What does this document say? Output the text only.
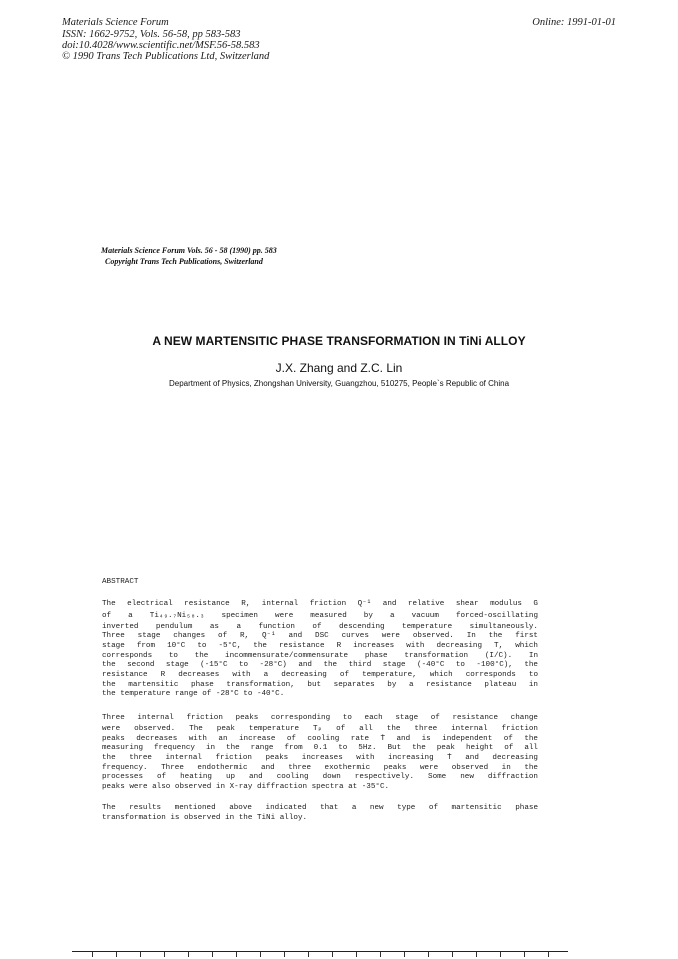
Materials Science Forum
ISSN: 1662-9752, Vols. 56-58, pp 583-583
doi:10.4028/www.scientific.net/MSF.56-58.583
© 1990 Trans Tech Publications Ltd, Switzerland
Online: 1991-01-01
Materials Science Forum Vols. 56 - 58 (1990) pp. 583
Copyright Trans Tech Publications, Switzerland
A NEW MARTENSITIC PHASE TRANSFORMATION IN TiNi ALLOY
J.X. Zhang and Z.C. Lin
Department of Physics, Zhongshan University, Guangzhou, 510275, People`s Republic of China
ABSTRACT
The electrical resistance R, internal friction Q⁻¹ and relative shear modulus G
of a Ti₄₉.₇Ni₅₀.₃ specimen were measured by a vacuum forced-oscillating
inverted pendulum as a function of descending temperature simultaneously.
Three stage changes of R, Q⁻¹ and DSC curves were observed. In the first
stage from 10°C to -5°C, the resistance R increases with decreasing T, which
corresponds to the incommensurate/commensurate phase transformation (I/C). In
the second stage (-15°C to -28°C) and the third stage (-40°C to -100°C), the
resistance R decreases with a decreasing of temperature, which corresponds to
the martensitic phase transformation, but separates by a resistance plateau in
the temperature range of -28°C to -40°C.
Three internal friction peaks corresponding to each stage of resistance change
were observed. The peak temperature Tₚ of all the three internal friction
peaks decreases with an increase of cooling rate Ṫ and is independent of the
measuring frequency in the range from 0.1 to 5Hz. But the peak height of all
the three internal friction peaks increases with increasing Ṫ and decreasing
frequency. Three endothermic and three exothermic peaks were observed in the
processes of heating up and cooling down respectively. Some new diffraction
peaks were also observed in X-ray diffraction spectra at -35°C.
The results mentioned above indicated that a new type of martensitic phase
transformation is observed in the TiNi alloy.
